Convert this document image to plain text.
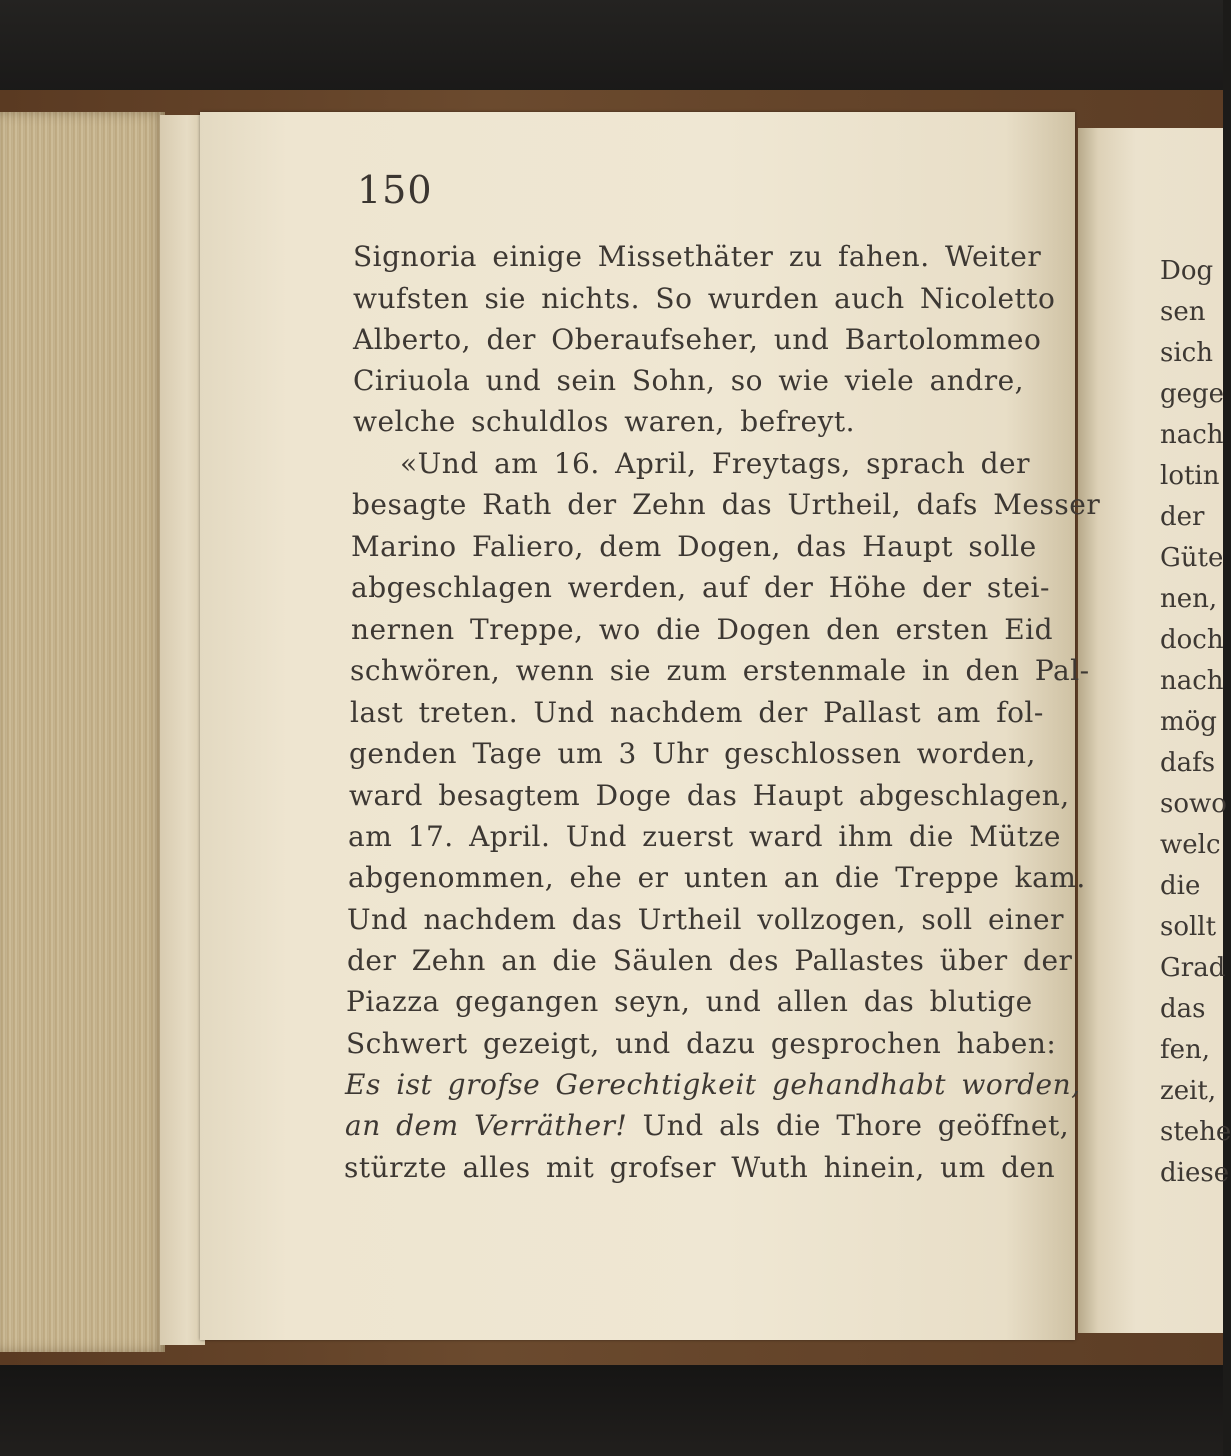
150
Signoria einige Missethäter zu fahen. Weiter
wufsten sie nichts. So wurden auch Nicoletto
Alberto, der Oberaufseher, und Bartolommeo
Ciriuola und sein Sohn, so wie viele andre,
welche schuldlos waren, befreyt.
«Und am 16. April, Freytags, sprach der
besagte Rath der Zehn das Urtheil, dafs Messer
Marino Faliero, dem Dogen, das Haupt solle
abgeschlagen werden, auf der Höhe der stei-
nernen Treppe, wo die Dogen den ersten Eid
schwören, wenn sie zum erstenmale in den Pal-
last treten. Und nachdem der Pallast am fol-
genden Tage um 3 Uhr geschlossen worden,
ward besagtem Doge das Haupt abgeschlagen,
am 17. April. Und zuerst ward ihm die Mütze
abgenommen, ehe er unten an die Treppe kam.
Und nachdem das Urtheil vollzogen, soll einer
der Zehn an die Säulen des Pallastes über der
Piazza gegangen seyn, und allen das blutige
Schwert gezeigt, und dazu gesprochen haben:
Es ist grofse Gerechtigkeit gehandhabt worden,
an dem Verräther! Und als die Thore geöffnet,
stürzte alles mit grofser Wuth hinein, um den
Dog
sen
sich
gege
nach
lotin
der
Güte
nen,
doch
nach
mög
dafs
sowo
welc
die
sollt
Grad
das
fen,
zeit,
stehe
diese
